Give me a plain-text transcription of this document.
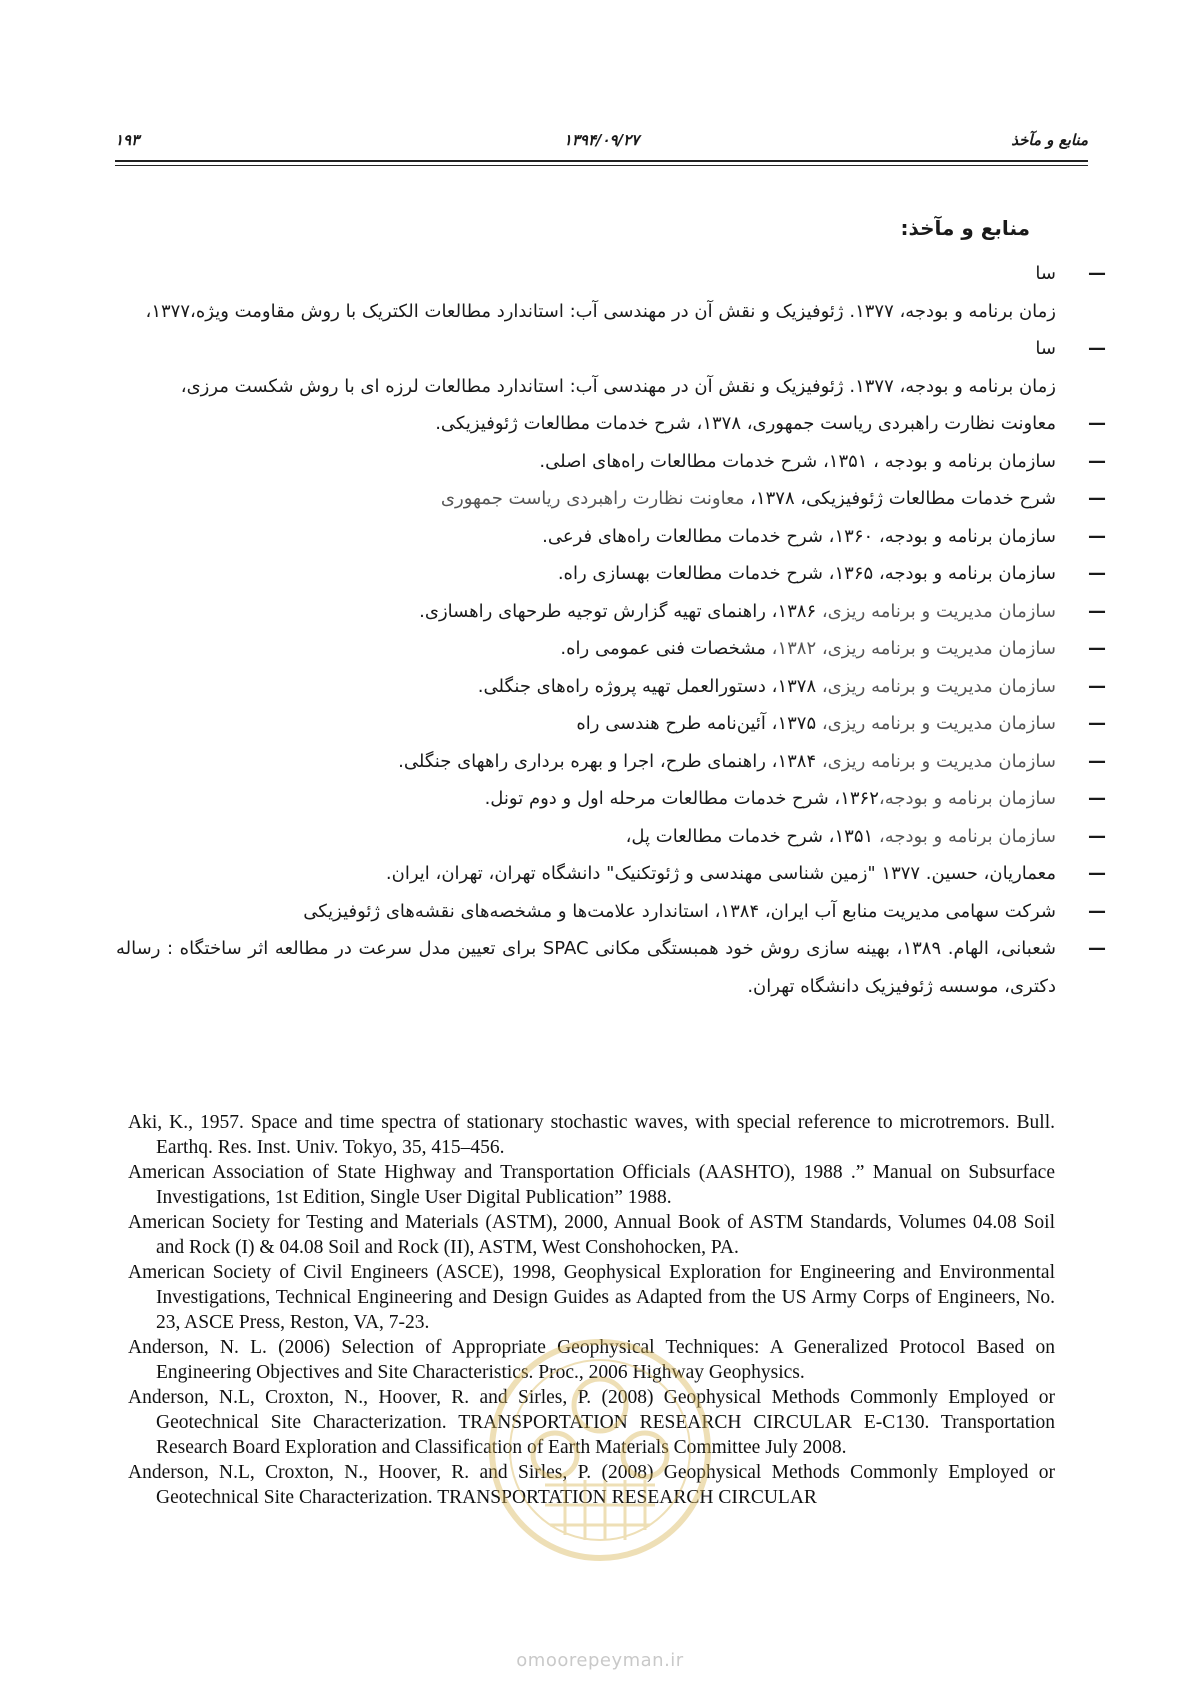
۱۹۳	۱۳۹۴/۰۹/۲۷	منابع و مآخذ
منابع و مآخذ:
—
سا
زمان برنامه و بودجه، ۱۳۷۷. ژئوفیزیک و نقش آن در مهندسی آب: استاندارد مطالعات الکتریک با روش مقاومت ویژه،۱۳۷۷،
—
سا
زمان برنامه و بودجه، ۱۳۷۷. ژئوفیزیک و نقش آن در مهندسی آب: استاندارد مطالعات لرزه ای با روش شکست مرزی،
—
معاونت نظارت راهبردی ریاست جمهوری، ۱۳۷۸، شرح خدمات مطالعات ژئوفیزیکی.
—
سازمان برنامه و بودجه ، ۱۳۵۱، شرح خدمات مطالعات راه‌های اصلی.
—
شرح خدمات مطالعات ژئوفیزیکی، ۱۳۷۸، معاونت نظارت راهبردی ریاست جمهوری
—
سازمان برنامه و بودجه، ۱۳۶۰، شرح خدمات مطالعات راه‌های فرعی.
—
سازمان برنامه و بودجه، ۱۳۶۵، شرح خدمات مطالعات بهسازی راه.
—
سازمان مدیریت و برنامه ریزی، ۱۳۸۶، راهنمای تهیه گزارش توجیه طرحهای راهسازی.
—
سازمان مدیریت و برنامه ریزی، ۱۳۸۲، مشخصات فنی عمومی راه.
—
سازمان مدیریت و برنامه ریزی، ۱۳۷۸، دستورالعمل تهیه پروژه راه‌های جنگلی.
—
سازمان مدیریت و برنامه ریزی، ۱۳۷۵، آئین‌نامه طرح هندسی راه
—
سازمان مدیریت و برنامه ریزی، ۱۳۸۴، راهنمای طرح، اجرا و بهره برداری راههای جنگلی.
—
سازمان برنامه و بودجه،۱۳۶۲، شرح خدمات مطالعات مرحله اول و دوم تونل.
—
سازمان برنامه و بودجه، ۱۳۵۱، شرح خدمات مطالعات پل،
—
معماریان، حسین. ۱۳۷۷ "زمین شناسی مهندسی و ژئوتکنیک" دانشگاه تهران، تهران، ایران.
—
شرکت سهامی مدیریت منابع آب ایران، ۱۳۸۴، استاندارد علامت‌ها و مشخصه‌های نقشه‌های ژئوفیزیکی
—
شعبانی، الهام. ۱۳۸۹، بهینه سازی روش خود همبستگی مکانی SPAC برای تعیین مدل سرعت در مطالعه اثر ساختگاه : رساله دکتری، موسسه ژئوفیزیک دانشگاه تهران.
Aki, K., 1957. Space and time spectra of stationary stochastic waves, with special reference to microtremors. Bull. Earthq. Res. Inst. Univ. Tokyo, 35, 415–456.
American Association of State Highway and Transportation Officials (AASHTO), 1988 .” Manual on Subsurface Investigations, 1st Edition, Single User Digital Publication” 1988.
American Society for Testing and Materials (ASTM), 2000, Annual Book of ASTM Standards, Volumes 04.08 Soil and Rock (I) & 04.08 Soil and Rock (II), ASTM, West Conshohocken, PA.
American Society of Civil Engineers (ASCE), 1998, Geophysical Exploration for Engineering and Environmental Investigations, Technical Engineering and Design Guides as Adapted from the US Army Corps of Engineers, No. 23, ASCE Press, Reston, VA, 7-23.
Anderson, N. L. (2006) Selection of Appropriate Geophysical Techniques: A Generalized Protocol Based on Engineering Objectives and Site Characteristics. Proc., 2006 Highway Geophysics.
Anderson, N.L, Croxton, N., Hoover, R. and Sirles, P. (2008) Geophysical Methods Commonly Employed or Geotechnical Site Characterization. TRANSPORTATION RESEARCH CIRCULAR E-C130. Transportation Research Board Exploration and Classification of Earth Materials Committee July 2008.
Anderson, N.L, Croxton, N., Hoover, R. and Sirles, P. (2008) Geophysical Methods Commonly Employed or Geotechnical Site Characterization. TRANSPORTATION RESEARCH CIRCULAR
omoorepeyman.ir
